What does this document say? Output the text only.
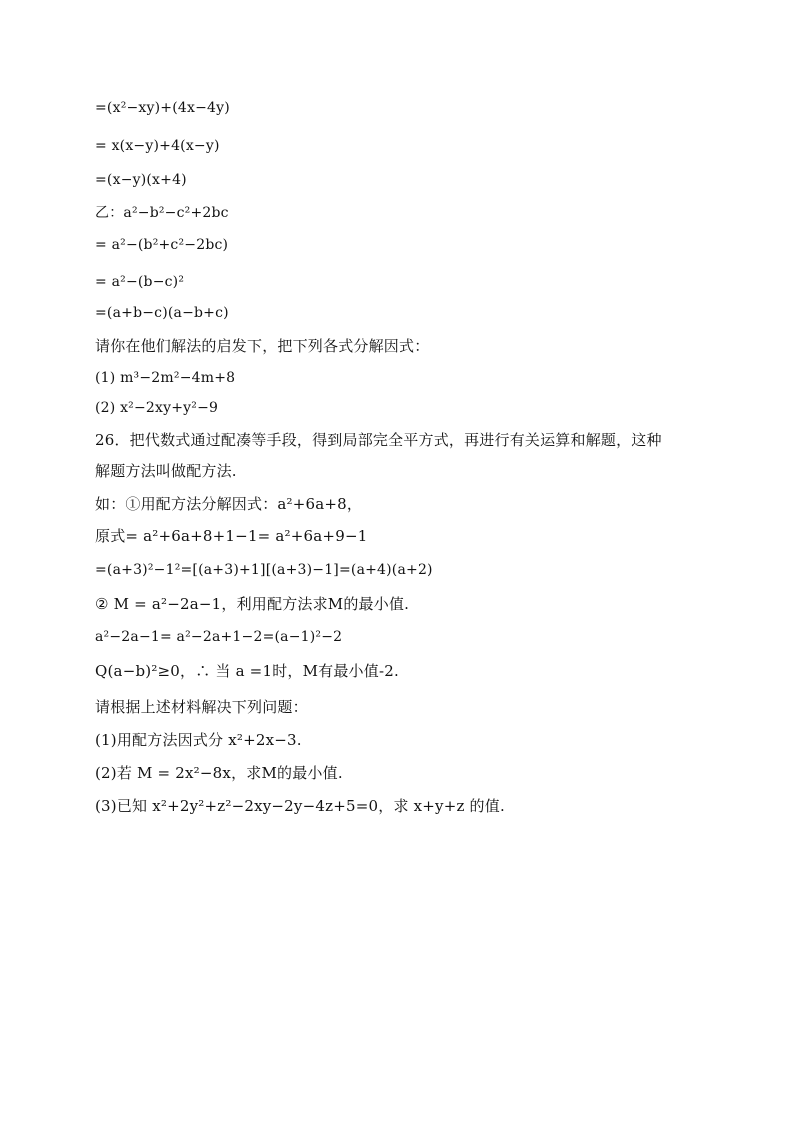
=(x²−xy)+(4x−4y)
= x(x−y)+4(x−y)
=(x−y)(x+4)
乙：a²−b²−c²+2bc
= a²−(b²+c²−2bc)
= a²−(b−c)²
=(a+b−c)(a−b+c)
请你在他们解法的启发下，把下列各式分解因式：
(1) m³−2m²−4m+8
(2) x²−2xy+y²−9
26．把代数式通过配凑等手段，得到局部完全平方式，再进行有关运算和解题，这种
解题方法叫做配方法.
如：①用配方法分解因式：a²+6a+8，
原式= a²+6a+8+1−1= a²+6a+9−1
=(a+3)²−1²=[(a+3)+1][(a+3)−1]=(a+4)(a+2)
② M = a²−2a−1，利用配方法求M的最小值.
a²−2a−1= a²−2a+1−2=(a−1)²−2
Q(a−b)²≥0，∴ 当 a =1时，M有最小值-2.
请根据上述材料解决下列问题：
(1)用配方法因式分 x²+2x−3.
(2)若 M = 2x²−8x，求M的最小值.
(3)已知 x²+2y²+z²−2xy−2y−4z+5=0，求 x+y+z 的值.
